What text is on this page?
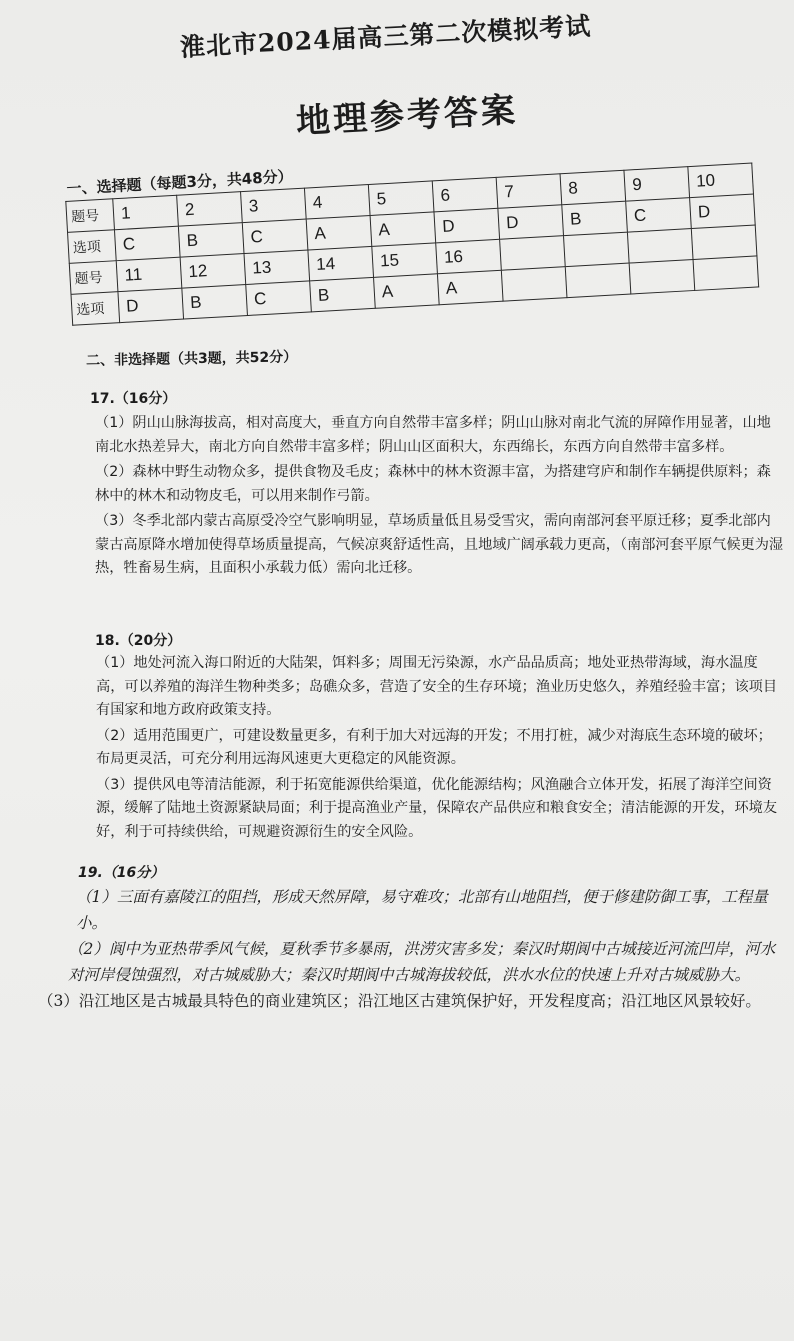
淮北市2024届高三第二次模拟考试
地理参考答案
一、选择题（每题3分，共48分）
题号	1	2	3	4	5	6	7	8	9	10
选项	C	B	C	A	A	D	D	B	C	D
题号	11	12	13	14	15	16				
选项	D	B	C	B	A	A				
二、非选择题（共3题，共52分）
17.（16分）

（1）阴山山脉海拔高，相对高度大，垂直方向自然带丰富多样；阴山山脉对南北气流的屏障作用显著，山地南北水热差异大，南北方向自然带丰富多样；阴山山区面积大，东西绵长，东西方向自然带丰富多样。

（2）森林中野生动物众多，提供食物及毛皮；森林中的林木资源丰富，为搭建穹庐和制作车辆提供原料；森林中的林木和动物皮毛，可以用来制作弓箭。

（3）冬季北部内蒙古高原受冷空气影响明显，草场质量低且易受雪灾，需向南部河套平原迁移；夏季北部内蒙古高原降水增加使得草场质量提高，气候凉爽舒适性高，且地域广阔承载力更高，（南部河套平原气候更为湿热，牲畜易生病，且面积小承载力低）需向北迁移。

18.（20分）

（1）地处河流入海口附近的大陆架，饵料多；周围无污染源，水产品品质高；地处亚热带海域，海水温度高，可以养殖的海洋生物种类多；岛礁众多，营造了安全的生存环境；渔业历史悠久，养殖经验丰富；该项目有国家和地方政府政策支持。

（2）适用范围更广，可建设数量更多，有利于加大对远海的开发；不用打桩，减少对海底生态环境的破坏；布局更灵活，可充分利用远海风速更大更稳定的风能资源。

（3）提供风电等清洁能源，利于拓宽能源供给渠道，优化能源结构；风渔融合立体开发，拓展了海洋空间资源，缓解了陆地土资源紧缺局面；利于提高渔业产量，保障农产品供应和粮食安全；清洁能源的开发，环境友好，利于可持续供给，可规避资源衍生的安全风险。

19.（16分）

（1）三面有嘉陵江的阻挡，形成天然屏障，易守难攻；北部有山地阻挡，便于修建防御工事，工程量小。

（2）阆中为亚热带季风气候，夏秋季节多暴雨，洪涝灾害多发；秦汉时期阆中古城接近河流凹岸，河水对河岸侵蚀强烈，对古城威胁大；秦汉时期阆中古城海拔较低，洪水水位的快速上升对古城威胁大。

（3）沿江地区是古城最具特色的商业建筑区；沿江地区古建筑保护好，开发程度高；沿江地区风景较好。
